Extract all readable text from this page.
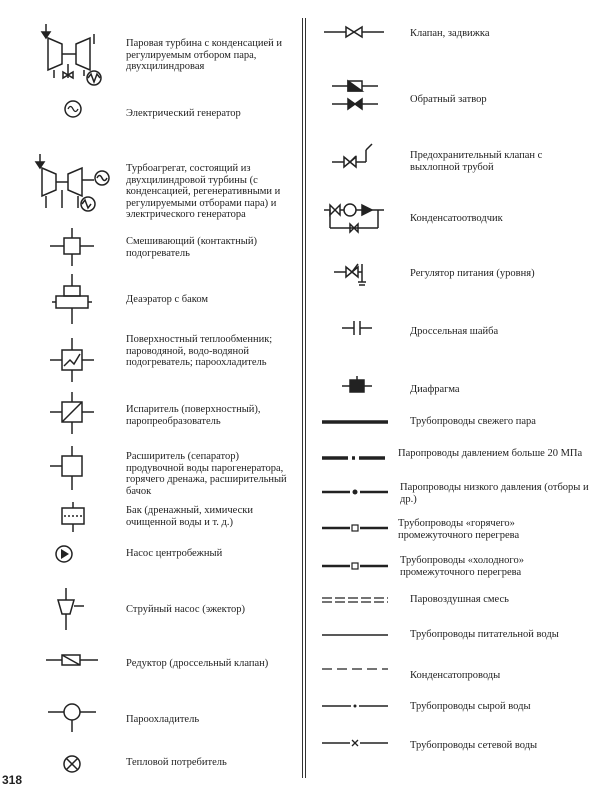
Паровая турбина с конденсацией и регулируемым отбором пара, двухцилиндровая
Электрический генератор
Турбоагрегат, состоящий из двухцилиндровой турбины (с конденсацией, регенеративными и регулируемыми отборами пара) и электрического генератора
Смешивающий (контактный) подогреватель
Деаэратор с баком
Поверхностный теплообменник; пароводяной, водо-водяной подогреватель; пароохладитель
Испаритель (поверхностный), паропреобразователь
Расширитель (сепаратор) продувочной воды парогенератора, горячего дренажа, расширительный бачок
Бак (дренажный, химически очищенной воды и т. д.)
Насос центробежный
Струйный насос (эжектор)
Редуктор (дроссельный клапан)
Пароохладитель
Тепловой потребитель
Клапан, задвижка
Обратный затвор
Предохранительный клапан с выхлопной трубой
Конденсатоотводчик
Регулятор питания (уровня)
Дроссельная шайба
Диафрагма
Трубопроводы свежего пара
Паропроводы давлением больше 20 МПа
Паропроводы низкого давления (отборы и др.)
Трубопроводы «горячего» промежуточного перегрева
Трубопроводы «холодного» промежуточного перегрева
Паровоздушная смесь
Трубопроводы питательной воды
Конденсатопроводы
Трубопроводы сырой воды
Трубопроводы сетевой воды
318
